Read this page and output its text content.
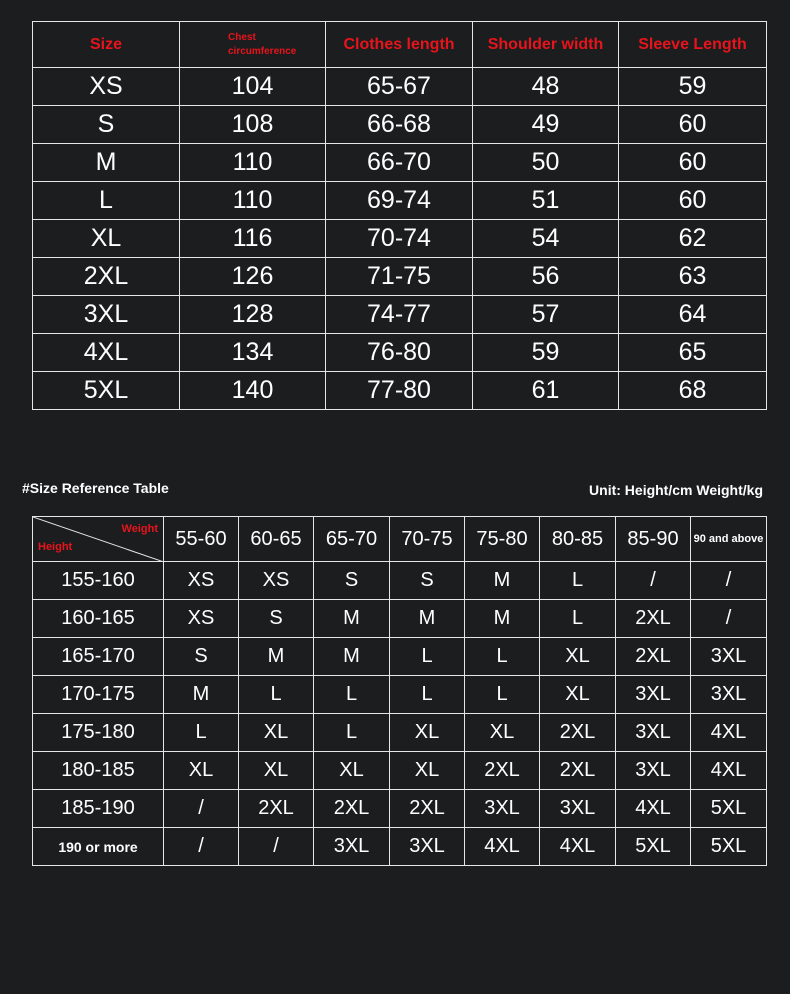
Size	Chest circumference	Clothes length	Shoulder width	Sleeve Length
XS	104	65-67	48	59
S	108	66-68	49	60
M	110	66-70	50	60
L	110	69-74	51	60
XL	116	70-74	54	62
2XL	126	71-75	56	63
3XL	128	74-77	57	64
4XL	134	76-80	59	65
5XL	140	77-80	61	68
#Size Reference Table	Unit: Height/cm Weight/kg
Weight
Height	55-60	60-65	65-70	70-75	75-80	80-85	85-90	90 and above
155-160	XS	XS	S	S	M	L	/	/
160-165	XS	S	M	M	M	L	2XL	/
165-170	S	M	M	L	L	XL	2XL	3XL
170-175	M	L	L	L	L	XL	3XL	3XL
175-180	L	XL	L	XL	XL	2XL	3XL	4XL
180-185	XL	XL	XL	XL	2XL	2XL	3XL	4XL
185-190	/	2XL	2XL	2XL	3XL	3XL	4XL	5XL
190 or more	/	/	3XL	3XL	4XL	4XL	5XL	5XL
